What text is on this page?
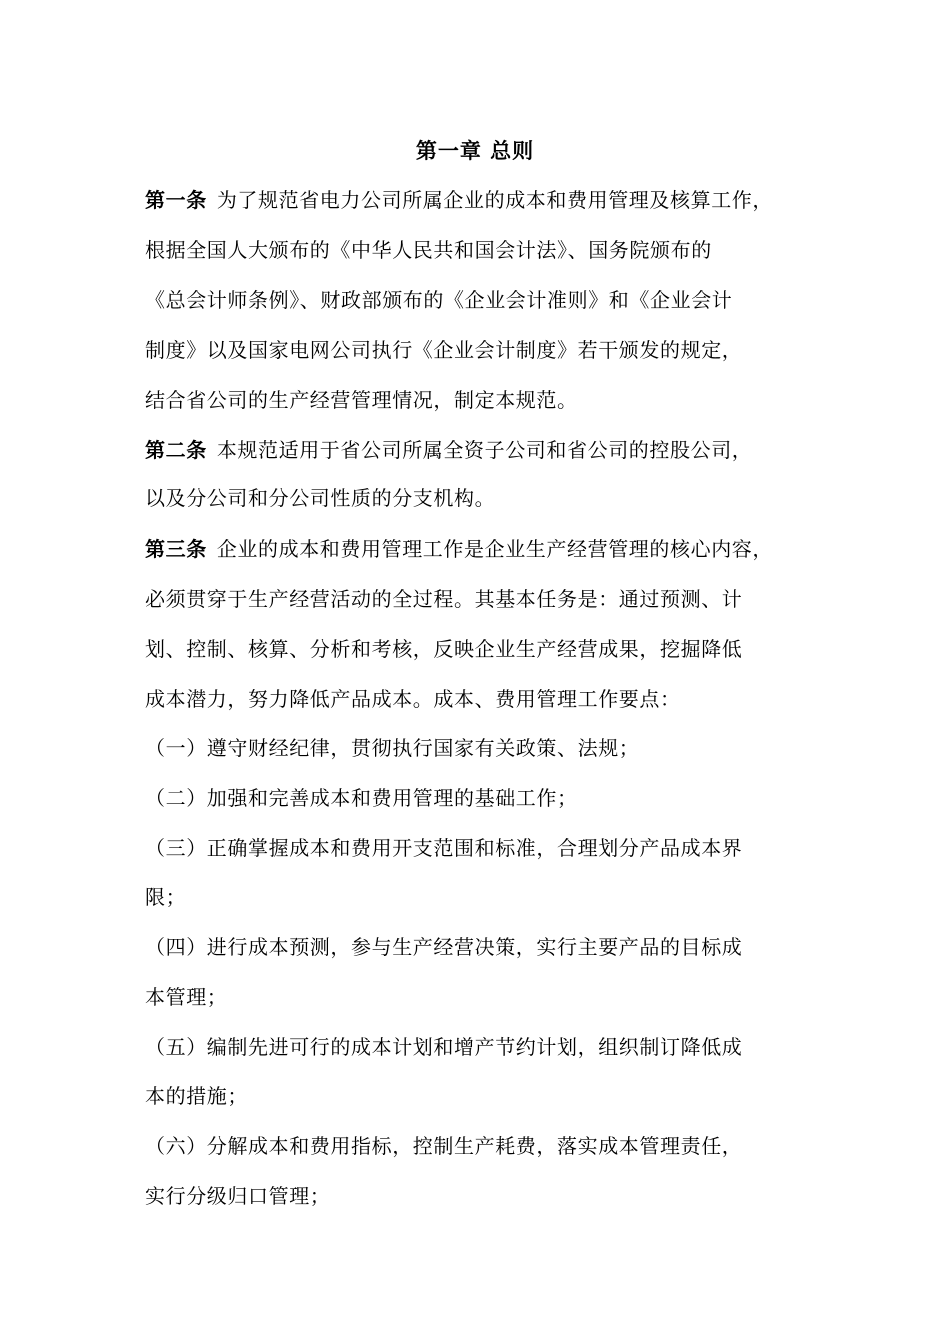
第一章 总则
第一条 为了规范省电力公司所属企业的成本和费用管理及核算工作，
根据全国人大颁布的《中华人民共和国会计法》、国务院颁布的
《总会计师条例》、财政部颁布的《企业会计准则》和《企业会计
制度》以及国家电网公司执行《企业会计制度》若干颁发的规定，
结合省公司的生产经营管理情况，制定本规范。
第二条 本规范适用于省公司所属全资子公司和省公司的控股公司，
以及分公司和分公司性质的分支机构。
第三条 企业的成本和费用管理工作是企业生产经营管理的核心内容，
必须贯穿于生产经营活动的全过程。其基本任务是：通过预测、计
划、控制、核算、分析和考核，反映企业生产经营成果，挖掘降低
成本潜力，努力降低产品成本。成本、费用管理工作要点：
（一）遵守财经纪律，贯彻执行国家有关政策、法规；
（二）加强和完善成本和费用管理的基础工作；
（三）正确掌握成本和费用开支范围和标准，合理划分产品成本界
限；
（四）进行成本预测，参与生产经营决策，实行主要产品的目标成
本管理；
（五）编制先进可行的成本计划和增产节约计划，组织制订降低成
本的措施；
（六）分解成本和费用指标，控制生产耗费，落实成本管理责任，
实行分级归口管理；
